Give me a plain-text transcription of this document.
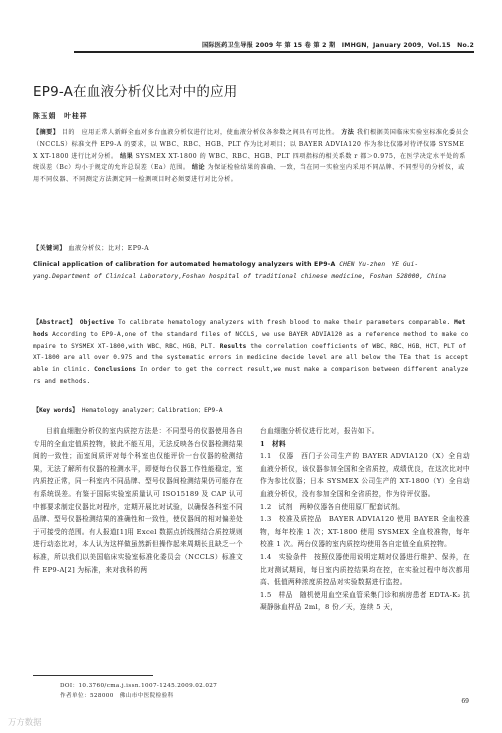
国际医药卫生导报 2009 年 第 15 卷 第 2 期　IMHGN，January 2009，Vol.15　No.2
EP9-A在血液分析仪比对中的应用
陈玉娟　叶桂祥
【摘要】 目的　应用正常人新鲜全血对多台血液分析仪进行比对，使血液分析仪各参数之间具有可比性。 方法 我们根据美国临床实验室标准化委员会（NCCLS）标准文件 EP9-A 的要求，以 WBC、RBC、HGB、PLT 作为比对项目；以 BAYER ADVIA120 作为参比仪器对待评仪器 SYSMEX XT-1800 进行比对分析。 结果 SYSMEX XT-1800 的 WBC、RBC、HGB、PLT 四项指标的相关系数 r 都＞0.975，在医学决定水平处的系统误差（Bc）均小于规定的允许总误差（Ea）范围。 结论 为保证检验结果的准确、一致，当在同一实验室内采用不同品牌、不同型号的分析仪，或用不同仪器、不同测定方法测定同一检测项目时必须要进行对比分析。
【关键词】 血液分析仪；比对；EP9-A
Clinical application of calibration for automated hematology analyzers with EP9-A CHEN Yu-zhen　YE Gui-yang.Department of Clinical Laboratory,Foshan hospital of traditional chinese medicine, Foshan 528000, China
【Abstract】 Objective To calibrate hematology analyzers with fresh blood to make their parameters comparable. Methods According to EP9-A,one of the standard files of NCCLS, we use BAYER ADVIA120 as a reference method to make compaire to SYSMEX XT-1800,with WBC、RBC、HGB、PLT. Results the correlation coefficients of WBC、RBC、HGB、HCT、PLT of XT-1800 are all over 0.975 and the systematic errors in medicine decide level are all below the TEa that is acceptable in clinic. Conclusions In order to get the correct result,we must make a comparison between different analyzers and methods.
【Key words】 Hematology analyzer；Calibration；EP9-A

目前血细胞分析仪的室内质控方法是：不同型号的仪器使用各自专用的全血定值质控物，彼此不能互用，无法反映各台仪器检测结果间的一致性；而室间质评对每个科室也仅能评价一台仪器的检测结果，无法了解所有仪器的检测水平，即便每台仪器工作性能稳定，室内质控正常，同一科室内不同品牌、型号仪器间检测结果仍可能存在有系统误差。有鉴于国际实验室质量认可 ISO15189 及 CAP 认可中都要求制定仪器比对程序，定期开展比对试验，以确保各科室不同品牌、型号仪器检测结果的准确性和一致性，使仪器间的相对偏差处于可接受的范围。有人报道[1]用 Excel 数据点折线图结合质控规则进行动态比对，本人认为这样做虽然新但操作起来周期长且缺乏一个标准，所以我们以美国临床实验室标准化委员会（NCCLS）标准文件 EP9-A[2] 为标准，来对我科的两

台血细胞分析仪进行比对，报告如下。

1　材料

1.1　仪器　西门子公司生产的 BAYER ADVIA120（X）全自动血液分析仪，该仪器参加全国和全省质控，成绩优良，在这次比对中作为参比仪器；日本 SYSMEX 公司生产的 XT-1800（Y）全自动血液分析仪，没有参加全国和全省质控，作为待评仪器。

1.2　试剂　两种仪器各自使用原厂配套试剂。

1.3　校准及质控品　BAYER ADVIA120 使用 BAYER 全血校准物，每年校准 1 次；XT-1800 使用 SYSMEX 全血校准物，每年校准 1 次。两台仪器的室内质控均使用各自定值全血质控物。

1.4　实验条件　按照仪器使用说明定期对仪器进行维护、保养，在比对测试期间，每日室内质控结果均在控，在实验过程中每次都用高、低值两种浓度质控品对实验数据进行监控。

1.5　样品　随机使用血空采血管采集门诊和病房患者 EDTA-K₂ 抗凝静脉血样品 2ml，8 份／天，连续 5 天，

DOI：10.3760/cma.j.issn.1007-1245.2009.02.027
作者单位：528000　佛山市中医院检验科
69
万方数据
